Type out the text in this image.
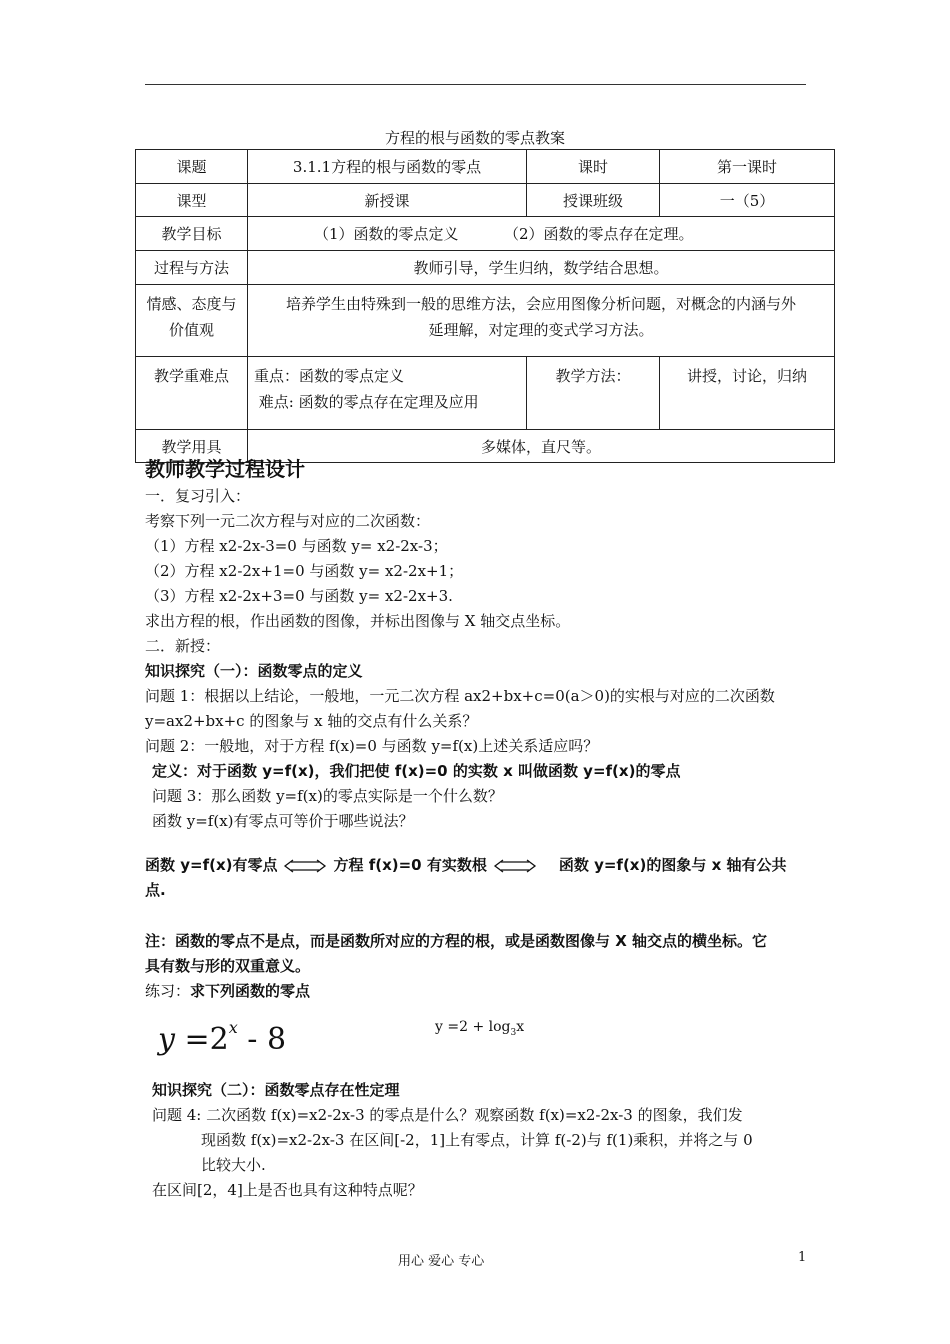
方程的根与函数的零点教案
课题	3.1.1方程的根与函数的零点	课时	第一课时
课型	新授课	授课班级	一（5）
教学目标	（1）函数的零点定义 （2）函数的零点存在定理。		
过程与方法	教师引导，学生归纳，数学结合思想。		
情感、态度与
价值观	培养学生由特殊到一般的思维方法，会应用图像分析问题，对概念的内涵与外
延理解，对定理的变式学习方法。		
教学重难点	重点：函数的零点定义
难点: 函数的零点存在定理及应用	教学方法：	讲授，讨论，归纳
教学用具	多媒体，直尺等。		
教师教学过程设计
一．复习引入：
考察下列一元二次方程与对应的二次函数：
（1）方程 x2-2x-3=0 与函数 y= x2-2x-3；
（2）方程 x2-2x+1=0 与函数 y= x2-2x+1；
（3）方程 x2-2x+3=0 与函数 y= x2-2x+3.
求出方程的根，作出函数的图像，并标出图像与 X 轴交点坐标。
二．新授：
知识探究（一）：函数零点的定义
问题 1：根据以上结论，一般地，一元二次方程 ax2+bx+c=0(a＞0)的实根与对应的二次函数
y=ax2+bx+c 的图象与 x 轴的交点有什么关系？
问题 2：一般地，对于方程 f(x)=0 与函数 y=f(x)上述关系适应吗？
定义：对于函数 y=f(x)，我们把使 f(x)=0 的实数 x 叫做函数 y=f(x)的零点
问题 3：那么函数 y=f(x)的零点实际是一个什么数？
函数 y=f(x)有零点可等价于哪些说法？
函数 y=f(x)有零点	方程 f(x)=0 有实数根	函数 y=f(x)的图象与 x 轴有公共
点.
注：函数的零点不是点，而是函数所对应的方程的根，或是函数图像与 X 轴交点的横坐标。它
具有数与形的双重意义。
练习：求下列函数的零点
$y =2^x - 8$	$y =2 + \log_3x$
知识探究（二）：函数零点存在性定理
问题 4: 二次函数 f(x)=x2-2x-3 的零点是什么？观察函数 f(x)=x2-2x-3 的图象，我们发
现函数 f(x)=x2-2x-3 在区间[-2，1]上有零点，计算 f(-2)与 f(1)乘积，并将之与 0
比较大小.
在区间[2，4]上是否也具有这种特点呢？
用心 爱心 专心	1
